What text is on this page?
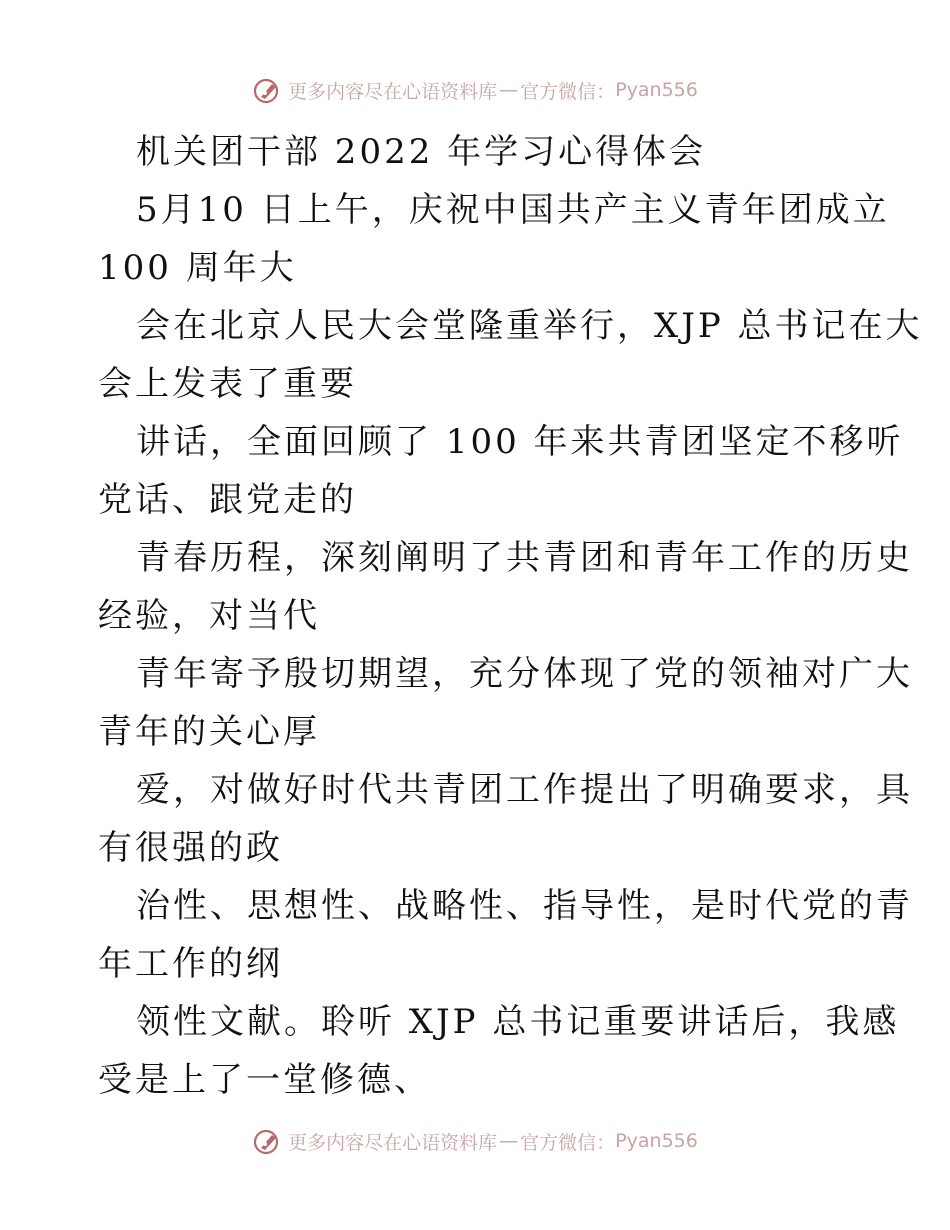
更多内容尽在心语资料库 — 官方微信： Pyan556
机关团干部 2022 年学习心得体会
5月10 日上午，庆祝中国共产主义青年团成立
100 周年大
会在北京人民大会堂隆重举行，XJP 总书记在大
会上发表了重要
讲话，全面回顾了 100 年来共青团坚定不移听
党话、跟党走的
青春历程，深刻阐明了共青团和青年工作的历史
经验，对当代
青年寄予殷切期望，充分体现了党的领袖对广大
青年的关心厚
爱，对做好时代共青团工作提出了明确要求，具
有很强的政
治性、思想性、战略性、指导性，是时代党的青
年工作的纲
领性文献。聆听 XJP 总书记重要讲话后，我感
受是上了一堂修德、
更多内容尽在心语资料库 — 官方微信： Pyan556
